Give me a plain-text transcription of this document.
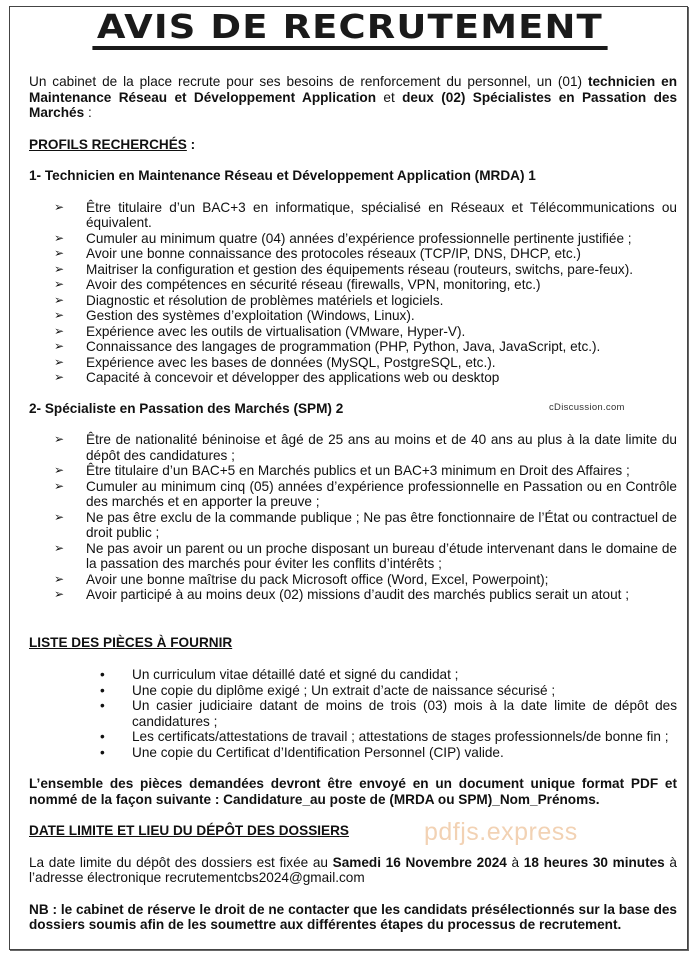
AVIS DE RECRUTEMENT

Un cabinet de la place recrute pour ses besoins de renforcement du personnel, un (01) technicien en Maintenance Réseau et Développement Application et deux (02) Spécialistes en Passation des Marchés :

PROFILS RECHERCHÉS :

1- Technicien en Maintenance Réseau et Développement Application (MRDA) 1

➢ Être titulaire d’un BAC+3 en informatique, spécialisé en Réseaux et Télécommunications ou équivalent.
➢ Cumuler au minimum quatre (04) années d’expérience professionnelle pertinente justifiée ;
➢ Avoir une bonne connaissance des protocoles réseaux (TCP/IP, DNS, DHCP, etc.)
➢ Maitriser la configuration et gestion des équipements réseau (routeurs, switchs, pare-feux).
➢ Avoir des compétences en sécurité réseau (firewalls, VPN, monitoring, etc.)
➢ Diagnostic et résolution de problèmes matériels et logiciels.
➢ Gestion des systèmes d’exploitation (Windows, Linux).
➢ Expérience avec les outils de virtualisation (VMware, Hyper-V).
➢ Connaissance des langages de programmation (PHP, Python, Java, JavaScript, etc.).
➢ Expérience avec les bases de données (MySQL, PostgreSQL, etc.).
➢ Capacité à concevoir et développer des applications web ou desktop

2- Spécialiste en Passation des Marchés (SPM) 2

➢ Être de nationalité béninoise et âgé de 25 ans au moins et de 40 ans au plus à la date limite du dépôt des candidatures ;
➢ Être titulaire d’un BAC+5 en Marchés publics et un BAC+3 minimum en Droit des Affaires ;
➢ Cumuler au minimum cinq (05) années d’expérience professionnelle en Passation ou en Contrôle des marchés et en apporter la preuve ;
➢ Ne pas être exclu de la commande publique ; Ne pas être fonctionnaire de l’État ou contractuel de droit public ;
➢ Ne pas avoir un parent ou un proche disposant un bureau d’étude intervenant dans le domaine de la passation des marchés pour éviter les conflits d’intérêts ;
➢ Avoir une bonne maîtrise du pack Microsoft office (Word, Excel, Powerpoint);
➢ Avoir participé à au moins deux (02) missions d’audit des marchés publics serait un atout ;

LISTE DES PIÈCES À FOURNIR

• Un curriculum vitae détaillé daté et signé du candidat ;
• Une copie du diplôme exigé ; Un extrait d’acte de naissance sécurisé ;
• Un casier judiciaire datant de moins de trois (03) mois à la date limite de dépôt des candidatures ;
• Les certificats/attestations de travail ; attestations de stages professionnels/de bonne fin ;
• Une copie du Certificat d’Identification Personnel (CIP) valide.

L’ensemble des pièces demandées devront être envoyé en un document unique format PDF et nommé de la façon suivante : Candidature_au poste de (MRDA ou SPM)_Nom_Prénoms.

DATE LIMITE ET LIEU DU DÉPÔT DES DOSSIERS

La date limite du dépôt des dossiers est fixée au Samedi 16 Novembre 2024 à 18 heures 30 minutes à l’adresse électronique recrutementcbs2024@gmail.com

NB : le cabinet de réserve le droit de ne contacter que les candidats présélectionnés sur la base des dossiers soumis afin de les soumettre aux différentes étapes du processus de recrutement.

cDiscussion.com
pdfjs.express
